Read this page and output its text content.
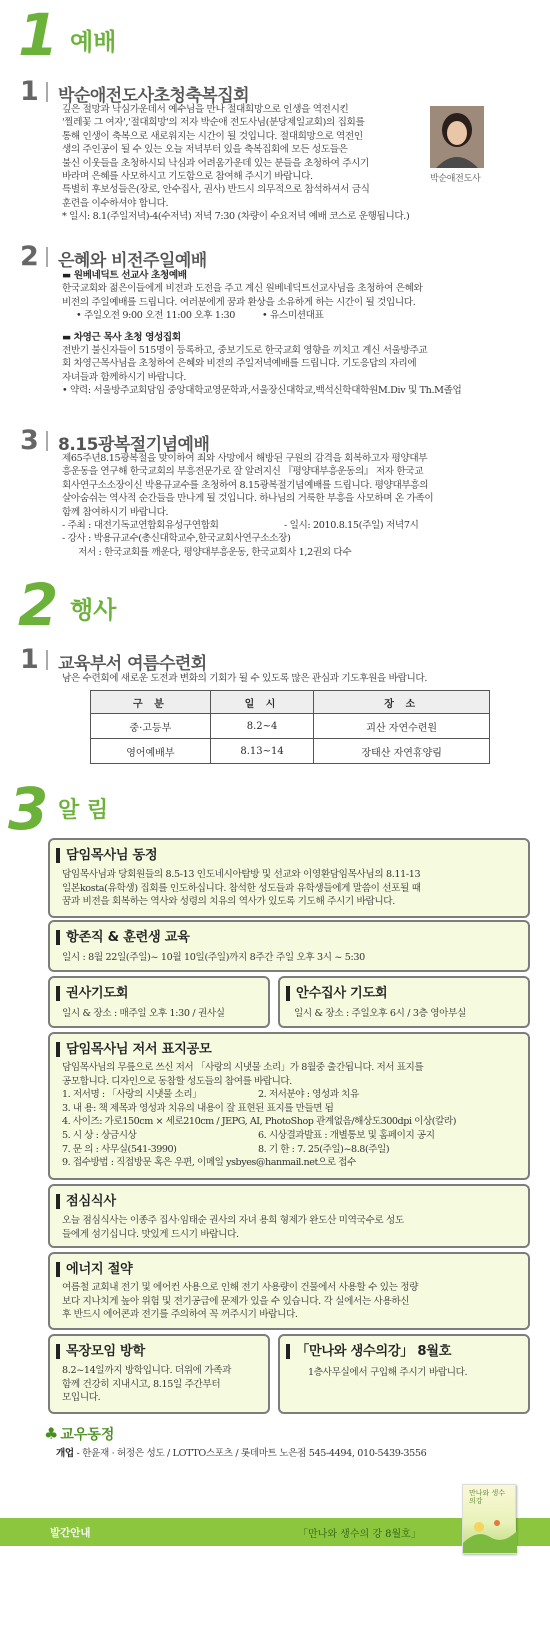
1 예배
1 박순애전도사초청축복집회

깊은 절망과 낙심가운데서 예수님을 만나 절대희망으로 인생을 역전시킨

'찔레꽃 그 여자','절대희망'의 저자 박순애 전도사님(분당제일교회)의 집회를

통해 인생이 축복으로 새로워지는 시간이 될 것입니다. 절대희망으로 역전인

생의 주인공이 될 수 있는 오늘 저녁부터 있을 축복집회에 모든 성도들은

불신 이웃들을 초청하시되 낙심과 어려움가운데 있는 분들을 초청하여 주시기

바라며 은혜를 사모하시고 기도함으로 참여해 주시기 바랍니다.

특별히 후보성들은(장로, 안수집사, 권사) 반드시 의무적으로 참석하셔서 금식

훈련을 이수하셔야 합니다.

* 일시: 8.1(주일저녁)-4(수저녁) 저녁 7:30 (차량이 수요저녁 예배 코스로 운행됩니다.)

박순애전도사
2 은혜와 비전주일예배

▬ 원베네딕트 선교사 초청예배

한국교회와 젊은이들에게 비전과 도전을 주고 계신 원베네딕트선교사님을 초청하여 은혜와

비전의 주일예배를 드립니다. 여러분에게 꿈과 환상을 소유하게 하는 시간이 될 것입니다.

• 주일오전 9:00 오전 11:00 오후 1:30	• 유스미션대표

▬ 차영근 목사 초청 영성집회

전반기 불신자들이 515명이 등록하고, 중보기도로 한국교회 영향을 끼치고 계신 서울방주교

회 차영근목사님을 초청하여 은혜와 비전의 주일저녁예배를 드립니다. 기도응답의 자리에

자녀들과 함께하시기 바랍니다.

• 약력: 서울방주교회담임 중앙대학교영문학과,서울장신대학교,백석신학대학원M.Div 및 Th.M졸업

3 8.15광복절기념예배

제65주년8.15광복절을 맞이하여 죄와 사망에서 해방된 구원의 감격을 회복하고자 평양대부

흥운동을 연구해 한국교회의 부흥전문가로 잘 알려지신 『평양대부흥운동의』 저자 한국교

회사연구소소장이신 박용규교수를 초청하여 8.15광복절기념예배를 드립니다. 평양대부흥의

살아숨쉬는 역사적 순간들을 만나게 될 것입니다. 하나님의 거룩한 부흥을 사모하며 온 가족이

함께 참여하시기 바랍니다.

- 주최 : 대전기독교연합회유성구연합회	- 일시: 2010.8.15(주일) 저녁7시

- 강사 : 박용규교수(총신대학교수,한국교회사연구소소장)

저서 : 한국교회를 깨운다, 평양대부흥운동, 한국교회사 1,2권외 다수

2 행사
1 교육부서 여름수련회

남은 수련회에 새로운 도전과 변화의 기회가 될 수 있도록 많은 관심과 기도후원을 바랍니다.

구 분	일 시	장 소
중·고등부	8.2~4	괴산 자연수련원
영어예배부	8.13~14	장태산 자연휴양림
3 알 림
담임목사님 동정

담임목사님과 당회원들의 8.5-13 인도네시아탐방 및 선교와 이영환담임목사님의 8.11-13

일본kosta(유학생) 집회를 인도하십니다. 참석한 성도들과 유학생들에게 말씀이 선포될 때

꿈과 비전을 회복하는 역사와 성령의 치유의 역사가 있도록 기도해 주시기 바랍니다.

항존직 & 훈련생 교육

일시 : 8월 22일(주일)~ 10월 10일(주일)까지 8주간 주일 오후 3시 ~ 5:30

권사기도회

일시 & 장소 : 매주일 오후 1:30 / 권사실

안수집사 기도회

일시 & 장소 : 주일오후 6시 / 3층 영아부실

담임목사님 저서 표지공모

담임목사님의 무릎으로 쓰신 저서 「사랑의 시냇물 소리」가 8월중 출간됩니다. 저서 표지를

공모합니다. 디자인으로 동참할 성도들의 참여를 바랍니다.

1. 저서명 : 「사랑의 시냇물 소리」	2. 저서분야 : 영성과 치유

3. 내 용: 책 제목과 영성과 치유의 내용이 잘 표현된 표지를 만들면 됨

4. 사이즈: 가로150cm × 세로210cm / JEPG, AI, PhotoShop 관계없음/해상도300dpi 이상(칼라)

5. 시 상 : 상금시상	6. 시상결과발표 : 개별통보 및 홈페이지 공지

7. 문 의 : 사무실(541-3990)	8. 기 한 : 7. 25(주일)~8.8(주일)

9. 접수방법 : 직접방문 혹은 우편, 이메일 ysbyes@hanmail.net으로 접수

점심식사

오늘 점심식사는 이종주 집사·임태순 권사의 자녀 용희 형제가 완도산 미역국수로 성도

들에게 섬기십니다. 맛있게 드시기 바랍니다.

에너지 절약

여름철 교회내 전기 및 에어컨 사용으로 인해 전기 사용량이 건물에서 사용할 수 있는 정량

보다 지나치게 높아 위험 및 전기공급에 문제가 있을 수 있습니다. 각 실에서는 사용하신

후 반드시 에어콘과 전기를 주의하여 꼭 꺼주시기 바랍니다.

목장모임 방학

8.2~14일까지 방학입니다. 더위에 가족과

함께 건강히 지내시고, 8.15일 주간부터

모입니다.

「만나와 생수의강」 8월호

1층사무실에서 구입해 주시기 바랍니다.

♣ 교우동정

개업 - 한윤재 · 허정은 성도 / LOTTO스포츠 / 롯데마트 노은점 545-4494, 010-5439-3556

발간안내	「만나와 생수의 강 8월호」
만나와 생수의강
